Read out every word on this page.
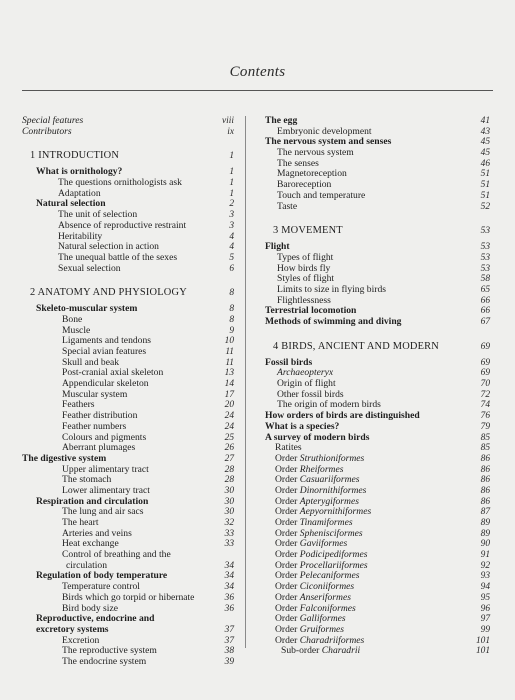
Contents
Special features	viii
Contributors	ix
1 INTRODUCTION	1
What is ornithology?	1
The questions ornithologists ask	1
Adaptation	1
Natural selection	2
The unit of selection	3
Absence of reproductive restraint	3
Heritability	4
Natural selection in action	4
The unequal battle of the sexes	5
Sexual selection	6
2 ANATOMY AND PHYSIOLOGY	8
Skeleto-muscular system	8
Bone	8
Muscle	9
Ligaments and tendons	10
Special avian features	11
Skull and beak	11
Post-cranial axial skeleton	13
Appendicular skeleton	14
Muscular system	17
Feathers	20
Feather distribution	24
Feather numbers	24
Colours and pigments	25
Aberrant plumages	26
The digestive system	27
Upper alimentary tract	28
The stomach	28
Lower alimentary tract	30
Respiration and circulation	30
The lung and air sacs	30
The heart	32
Arteries and veins	33
Heat exchange	33
Control of breathing and the
circulation	34
Regulation of body temperature	34
Temperature control	34
Birds which go torpid or hibernate	36
Bird body size	36
Reproductive, endocrine and
excretory systems	37
Excretion	37
The reproductive system	38
The endocrine system	39
The egg	41
Embryonic development	43
The nervous system and senses	45
The nervous system	45
The senses	46
Magnetoreception	51
Baroreception	51
Touch and temperature	51
Taste	52
3 MOVEMENT	53
Flight	53
Types of flight	53
How birds fly	53
Styles of flight	58
Limits to size in flying birds	65
Flightlessness	66
Terrestrial locomotion	66
Methods of swimming and diving	67
4 BIRDS, ANCIENT AND MODERN	69
Fossil birds	69
Archaeopteryx	69
Origin of flight	70
Other fossil birds	72
The origin of modern birds	74
How orders of birds are distinguished	76
What is a species?	79
A survey of modern birds	85
Ratites	85
Order Struthioniformes	86
Order Rheiformes	86
Order Casuariiformes	86
Order Dinornithiformes	86
Order Apterygiformes	86
Order Aepyornithiformes	87
Order Tinamiformes	89
Order Sphenisciformes	89
Order Gaviiformes	90
Order Podicipediformes	91
Order Procellariiformes	92
Order Pelecaniformes	93
Order Ciconiiformes	94
Order Anseriformes	95
Order Falconiformes	96
Order Galliformes	97
Order Gruiformes	99
Order Charadriiformes	101
Sub-order Charadrii	101
